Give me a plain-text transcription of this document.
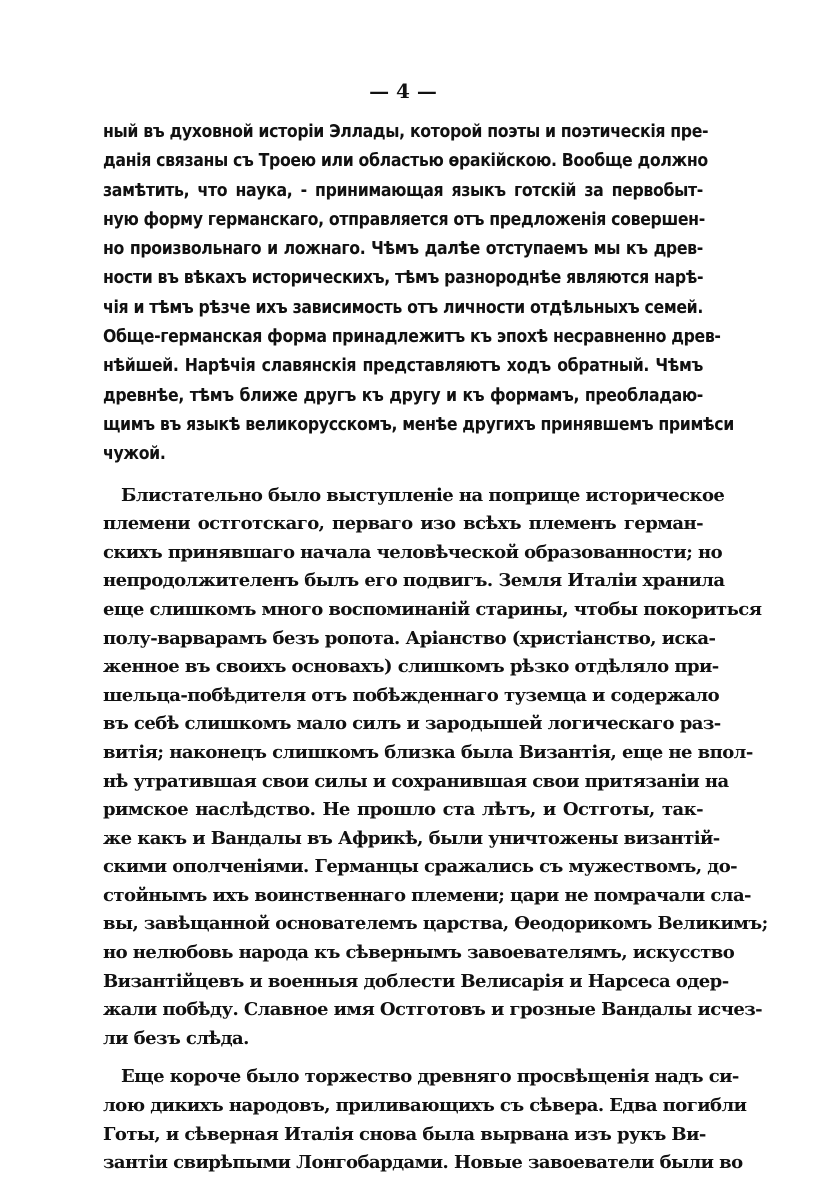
— 4 —
ный въ духовной исторіи Эллады, которой поэты и поэтическія пре-
данія связаны съ Троею или областью ѳракійскою. Вообще должно
замѣтить, что наука, - принимающая языкъ готскій за первобыт-
ную форму германскаго, отправляется отъ предложенія совершен-
но произвольнаго и ложнаго. Чѣмъ далѣе отступаемъ мы къ древ-
ности въ вѣкахъ историческихъ, тѣмъ разнороднѣе являются нарѣ-
чія и тѣмъ рѣзче ихъ зависимость отъ личности отдѣльныхъ семей.
Обще-германская форма принадлежитъ къ эпохѣ несравненно древ-
нѣйшей. Нарѣчія славянскія представляютъ ходъ обратный. Чѣмъ
древнѣе, тѣмъ ближе другъ къ другу и къ формамъ, преобладаю-
щимъ въ языкѣ великорусскомъ, менѣе другихъ принявшемъ примѣси
чужой.
Блистательно было выступленіе на поприще историческое
племени остготскаго, перваго изо всѣхъ племенъ герман-
скихъ принявшаго начала человѣческой образованности; но
непродолжителенъ былъ его подвигъ. Земля Италіи хранила
еще слишкомъ много воспоминаній старины, чтобы покориться
полу-варварамъ безъ ропота. Аріанство (христіанство, иска-
женное въ своихъ основахъ) слишкомъ рѣзко отдѣляло при-
шельца-побѣдителя отъ побѣжденнаго туземца и содержало
въ себѣ слишкомъ мало силъ и зародышей логическаго раз-
витія; наконецъ слишкомъ близка была Византія, еще не впол-
нѣ утратившая свои силы и сохранившая свои притязаніи на
римское наслѣдство. Не прошло ста лѣтъ, и Остготы, так-
же какъ и Вандалы въ Африкѣ, были уничтожены византій-
скими ополченіями. Германцы сражались съ мужествомъ, до-
стойнымъ ихъ воинственнаго племени; цари не помрачали сла-
вы, завѣщанной основателемъ царства, Ѳеодорикомъ Великимъ;
но нелюбовь народа къ сѣвернымъ завоевателямъ, искусство
Византійцевъ и военныя доблести Велисарія и Нарсеса одер-
жали побѣду. Славное имя Остготовъ и грозные Вандалы исчез-
ли безъ слѣда.
Еще короче было торжество древняго просвѣщенія надъ си-
лою дикихъ народовъ, приливающихъ съ сѣвера. Едва погибли
Готы, и сѣверная Италія снова была вырвана изъ рукъ Ви-
зантіи свирѣпыми Лонгобардами. Новые завоеватели были во
